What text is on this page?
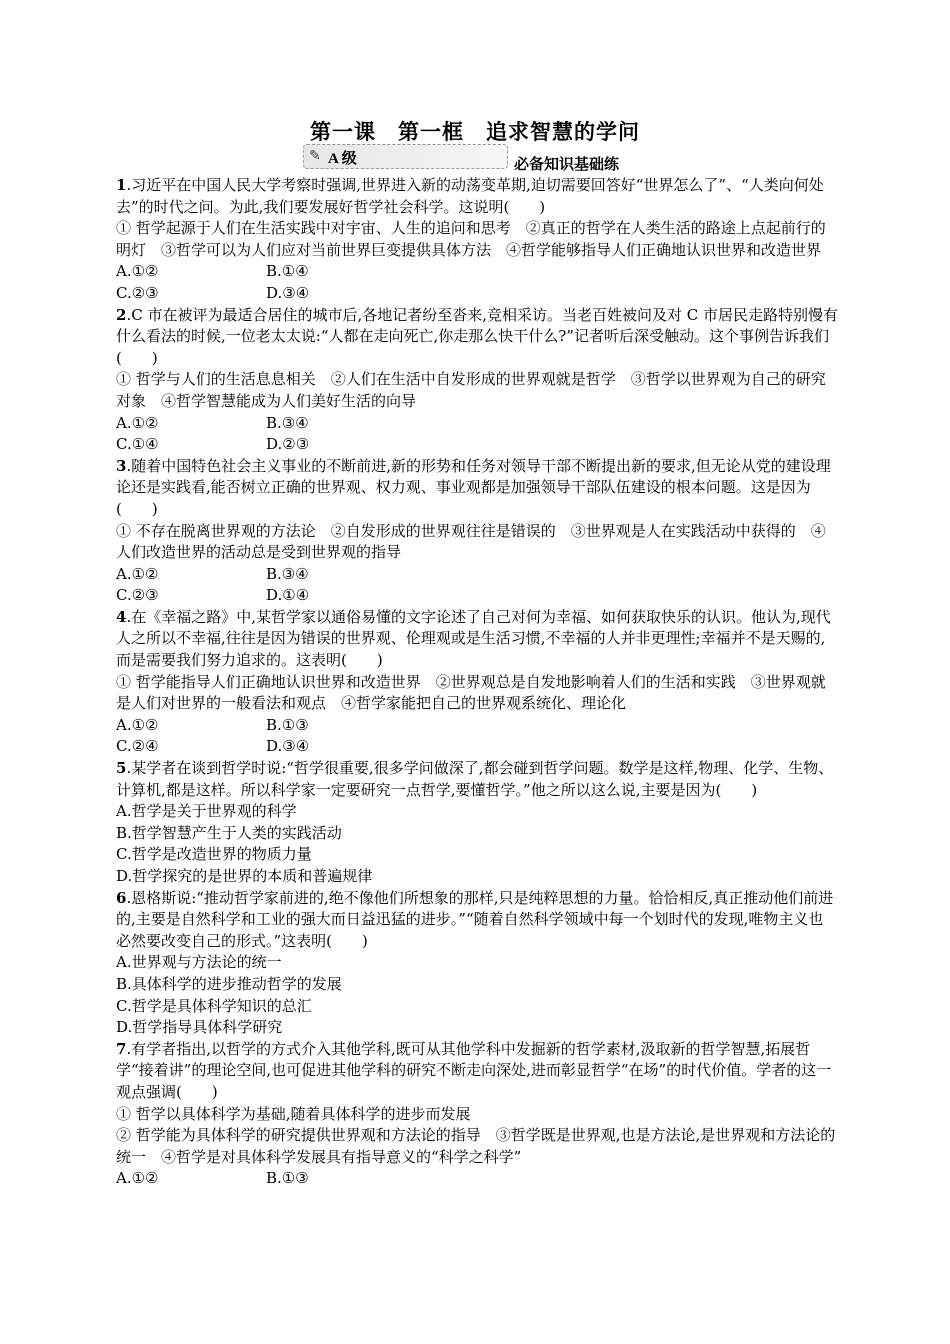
第一课　第一框　追求智慧的学问
✎ A 级	必备知识基础练

1.习近平在中国人民大学考察时强调,世界进入新的动荡变革期,迫切需要回答好“世界怎么了”、“人类向何处去”的时代之问。为此,我们要发展好哲学社会科学。这说明(　　)

① 哲学起源于人们在生活实践中对宇宙、人生的追问和思考　②真正的哲学在人类生活的路途上点起前行的明灯　③哲学可以为人们应对当前世界巨变提供具体方法　④哲学能够指导人们正确地认识世界和改造世界

A.①②	B.①④
C.②③	D.③④

2.C 市在被评为最适合居住的城市后,各地记者纷至沓来,竞相采访。当老百姓被问及对 C 市居民走路特别慢有什么看法的时候,一位老太太说:“人都在走向死亡,你走那么快干什么?”记者听后深受触动。这个事例告诉我们(　　)

① 哲学与人们的生活息息相关　②人们在生活中自发形成的世界观就是哲学　③哲学以世界观为自己的研究对象　④哲学智慧能成为人们美好生活的向导

A.①②	B.③④
C.①④	D.②③

3.随着中国特色社会主义事业的不断前进,新的形势和任务对领导干部不断提出新的要求,但无论从党的建设理论还是实践看,能否树立正确的世界观、权力观、事业观都是加强领导干部队伍建设的根本问题。这是因为(　　)

① 不存在脱离世界观的方法论　②自发形成的世界观往往是错误的　③世界观是人在实践活动中获得的　④人们改造世界的活动总是受到世界观的指导

A.①②	B.③④
C.②③	D.①④

4.在《幸福之路》中,某哲学家以通俗易懂的文字论述了自己对何为幸福、如何获取快乐的认识。他认为,现代人之所以不幸福,往往是因为错误的世界观、伦理观或是生活习惯,不幸福的人并非更理性;幸福并不是天赐的,而是需要我们努力追求的。这表明(　　)

① 哲学能指导人们正确地认识世界和改造世界　②世界观总是自发地影响着人们的生活和实践　③世界观就是人们对世界的一般看法和观点　④哲学家能把自己的世界观系统化、理论化

A.①②	B.①③
C.②④	D.③④

5.某学者在谈到哲学时说:“哲学很重要,很多学问做深了,都会碰到哲学问题。数学是这样,物理、化学、生物、计算机,都是这样。所以科学家一定要研究一点哲学,要懂哲学。”他之所以这么说,主要是因为(　　)

A.哲学是关于世界观的科学

B.哲学智慧产生于人类的实践活动

C.哲学是改造世界的物质力量

D.哲学探究的是世界的本质和普遍规律

6.恩格斯说:“推动哲学家前进的,绝不像他们所想象的那样,只是纯粹思想的力量。恰恰相反,真正推动他们前进的,主要是自然科学和工业的强大而日益迅猛的进步。”“随着自然科学领域中每一个划时代的发现,唯物主义也必然要改变自己的形式。”这表明(　　)

A.世界观与方法论的统一

B.具体科学的进步推动哲学的发展

C.哲学是具体科学知识的总汇

D.哲学指导具体科学研究

7.有学者指出,以哲学的方式介入其他学科,既可从其他学科中发掘新的哲学素材,汲取新的哲学智慧,拓展哲学“接着讲”的理论空间,也可促进其他学科的研究不断走向深处,进而彰显哲学“在场”的时代价值。学者的这一观点强调(　　)

① 哲学以具体科学为基础,随着具体科学的进步而发展

② 哲学能为具体科学的研究提供世界观和方法论的指导　③哲学既是世界观,也是方法论,是世界观和方法论的统一　④哲学是对具体科学发展具有指导意义的“科学之科学”

A.①②	B.①③
